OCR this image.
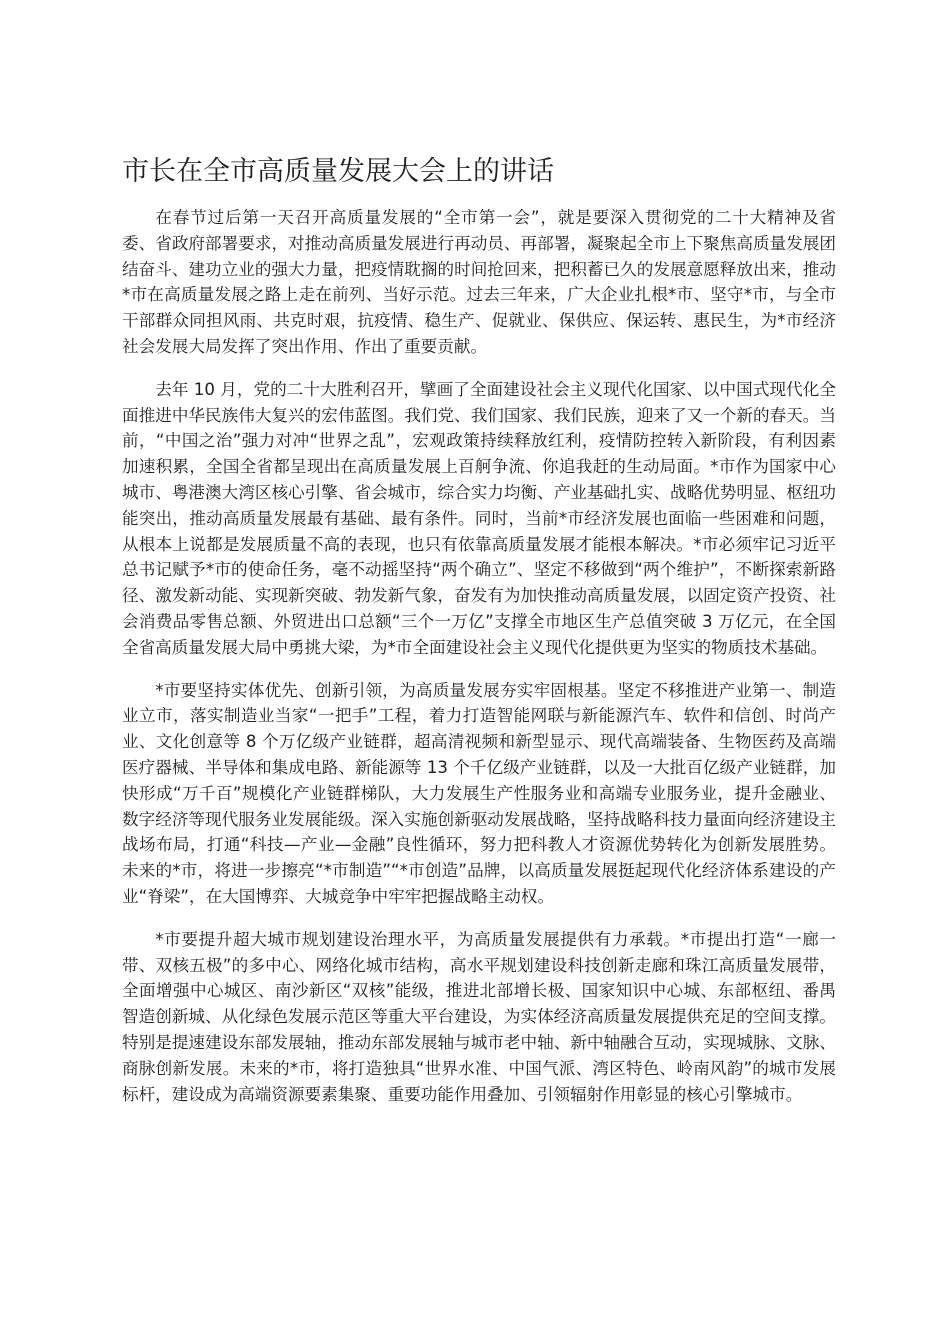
市长在全市高质量发展大会上的讲话

在春节过后第一天召开高质量发展的“全市第一会”，就是要深入贯彻党的二十大精神及省委、省政府部署要求，对推动高质量发展进行再动员、再部署，凝聚起全市上下聚焦高质量发展团结奋斗、建功立业的强大力量，把疫情耽搁的时间抢回来，把积蓄已久的发展意愿释放出来，推动*市在高质量发展之路上走在前列、当好示范。过去三年来，广大企业扎根*市、坚守*市，与全市干部群众同担风雨、共克时艰，抗疫情、稳生产、促就业、保供应、保运转、惠民生，为*市经济社会发展大局发挥了突出作用、作出了重要贡献。

去年 10 月，党的二十大胜利召开，擘画了全面建设社会主义现代化国家、以中国式现代化全面推进中华民族伟大复兴的宏伟蓝图。我们党、我们国家、我们民族，迎来了又一个新的春天。当前，“中国之治”强力对冲“世界之乱”，宏观政策持续释放红利，疫情防控转入新阶段，有利因素加速积累，全国全省都呈现出在高质量发展上百舸争流、你追我赶的生动局面。*市作为国家中心城市、粤港澳大湾区核心引擎、省会城市，综合实力均衡、产业基础扎实、战略优势明显、枢纽功能突出，推动高质量发展最有基础、最有条件。同时，当前*市经济发展也面临一些困难和问题，从根本上说都是发展质量不高的表现，也只有依靠高质量发展才能根本解决。*市必须牢记习近平总书记赋予*市的使命任务，毫不动摇坚持“两个确立”、坚定不移做到“两个维护”，不断探索新路径、激发新动能、实现新突破、勃发新气象，奋发有为加快推动高质量发展，以固定资产投资、社会消费品零售总额、外贸进出口总额“三个一万亿”支撑全市地区生产总值突破 3 万亿元，在全国全省高质量发展大局中勇挑大梁，为*市全面建设社会主义现代化提供更为坚实的物质技术基础。

*市要坚持实体优先、创新引领，为高质量发展夯实牢固根基。坚定不移推进产业第一、制造业立市，落实制造业当家“一把手”工程，着力打造智能网联与新能源汽车、软件和信创、时尚产业、文化创意等 8 个万亿级产业链群，超高清视频和新型显示、现代高端装备、生物医药及高端医疗器械、半导体和集成电路、新能源等 13 个千亿级产业链群，以及一大批百亿级产业链群，加快形成“万千百”规模化产业链群梯队，大力发展生产性服务业和高端专业服务业，提升金融业、数字经济等现代服务业发展能级。深入实施创新驱动发展战略，坚持战略科技力量面向经济建设主战场布局，打通“科技—产业—金融”良性循环，努力把科教人才资源优势转化为创新发展胜势。未来的*市，将进一步擦亮“*市制造”“*市创造”品牌，以高质量发展挺起现代化经济体系建设的产业“脊梁”，在大国博弈、大城竞争中牢牢把握战略主动权。

*市要提升超大城市规划建设治理水平，为高质量发展提供有力承载。*市提出打造“一廊一带、双核五极”的多中心、网络化城市结构，高水平规划建设科技创新走廊和珠江高质量发展带，全面增强中心城区、南沙新区“双核”能级，推进北部增长极、国家知识中心城、东部枢纽、番禺智造创新城、从化绿色发展示范区等重大平台建设，为实体经济高质量发展提供充足的空间支撑。特别是提速建设东部发展轴，推动东部发展轴与城市老中轴、新中轴融合互动，实现城脉、文脉、商脉创新发展。未来的*市，将打造独具“世界水准、中国气派、湾区特色、岭南风韵”的城市发展标杆，建设成为高端资源要素集聚、重要功能作用叠加、引领辐射作用彰显的核心引擎城市。
